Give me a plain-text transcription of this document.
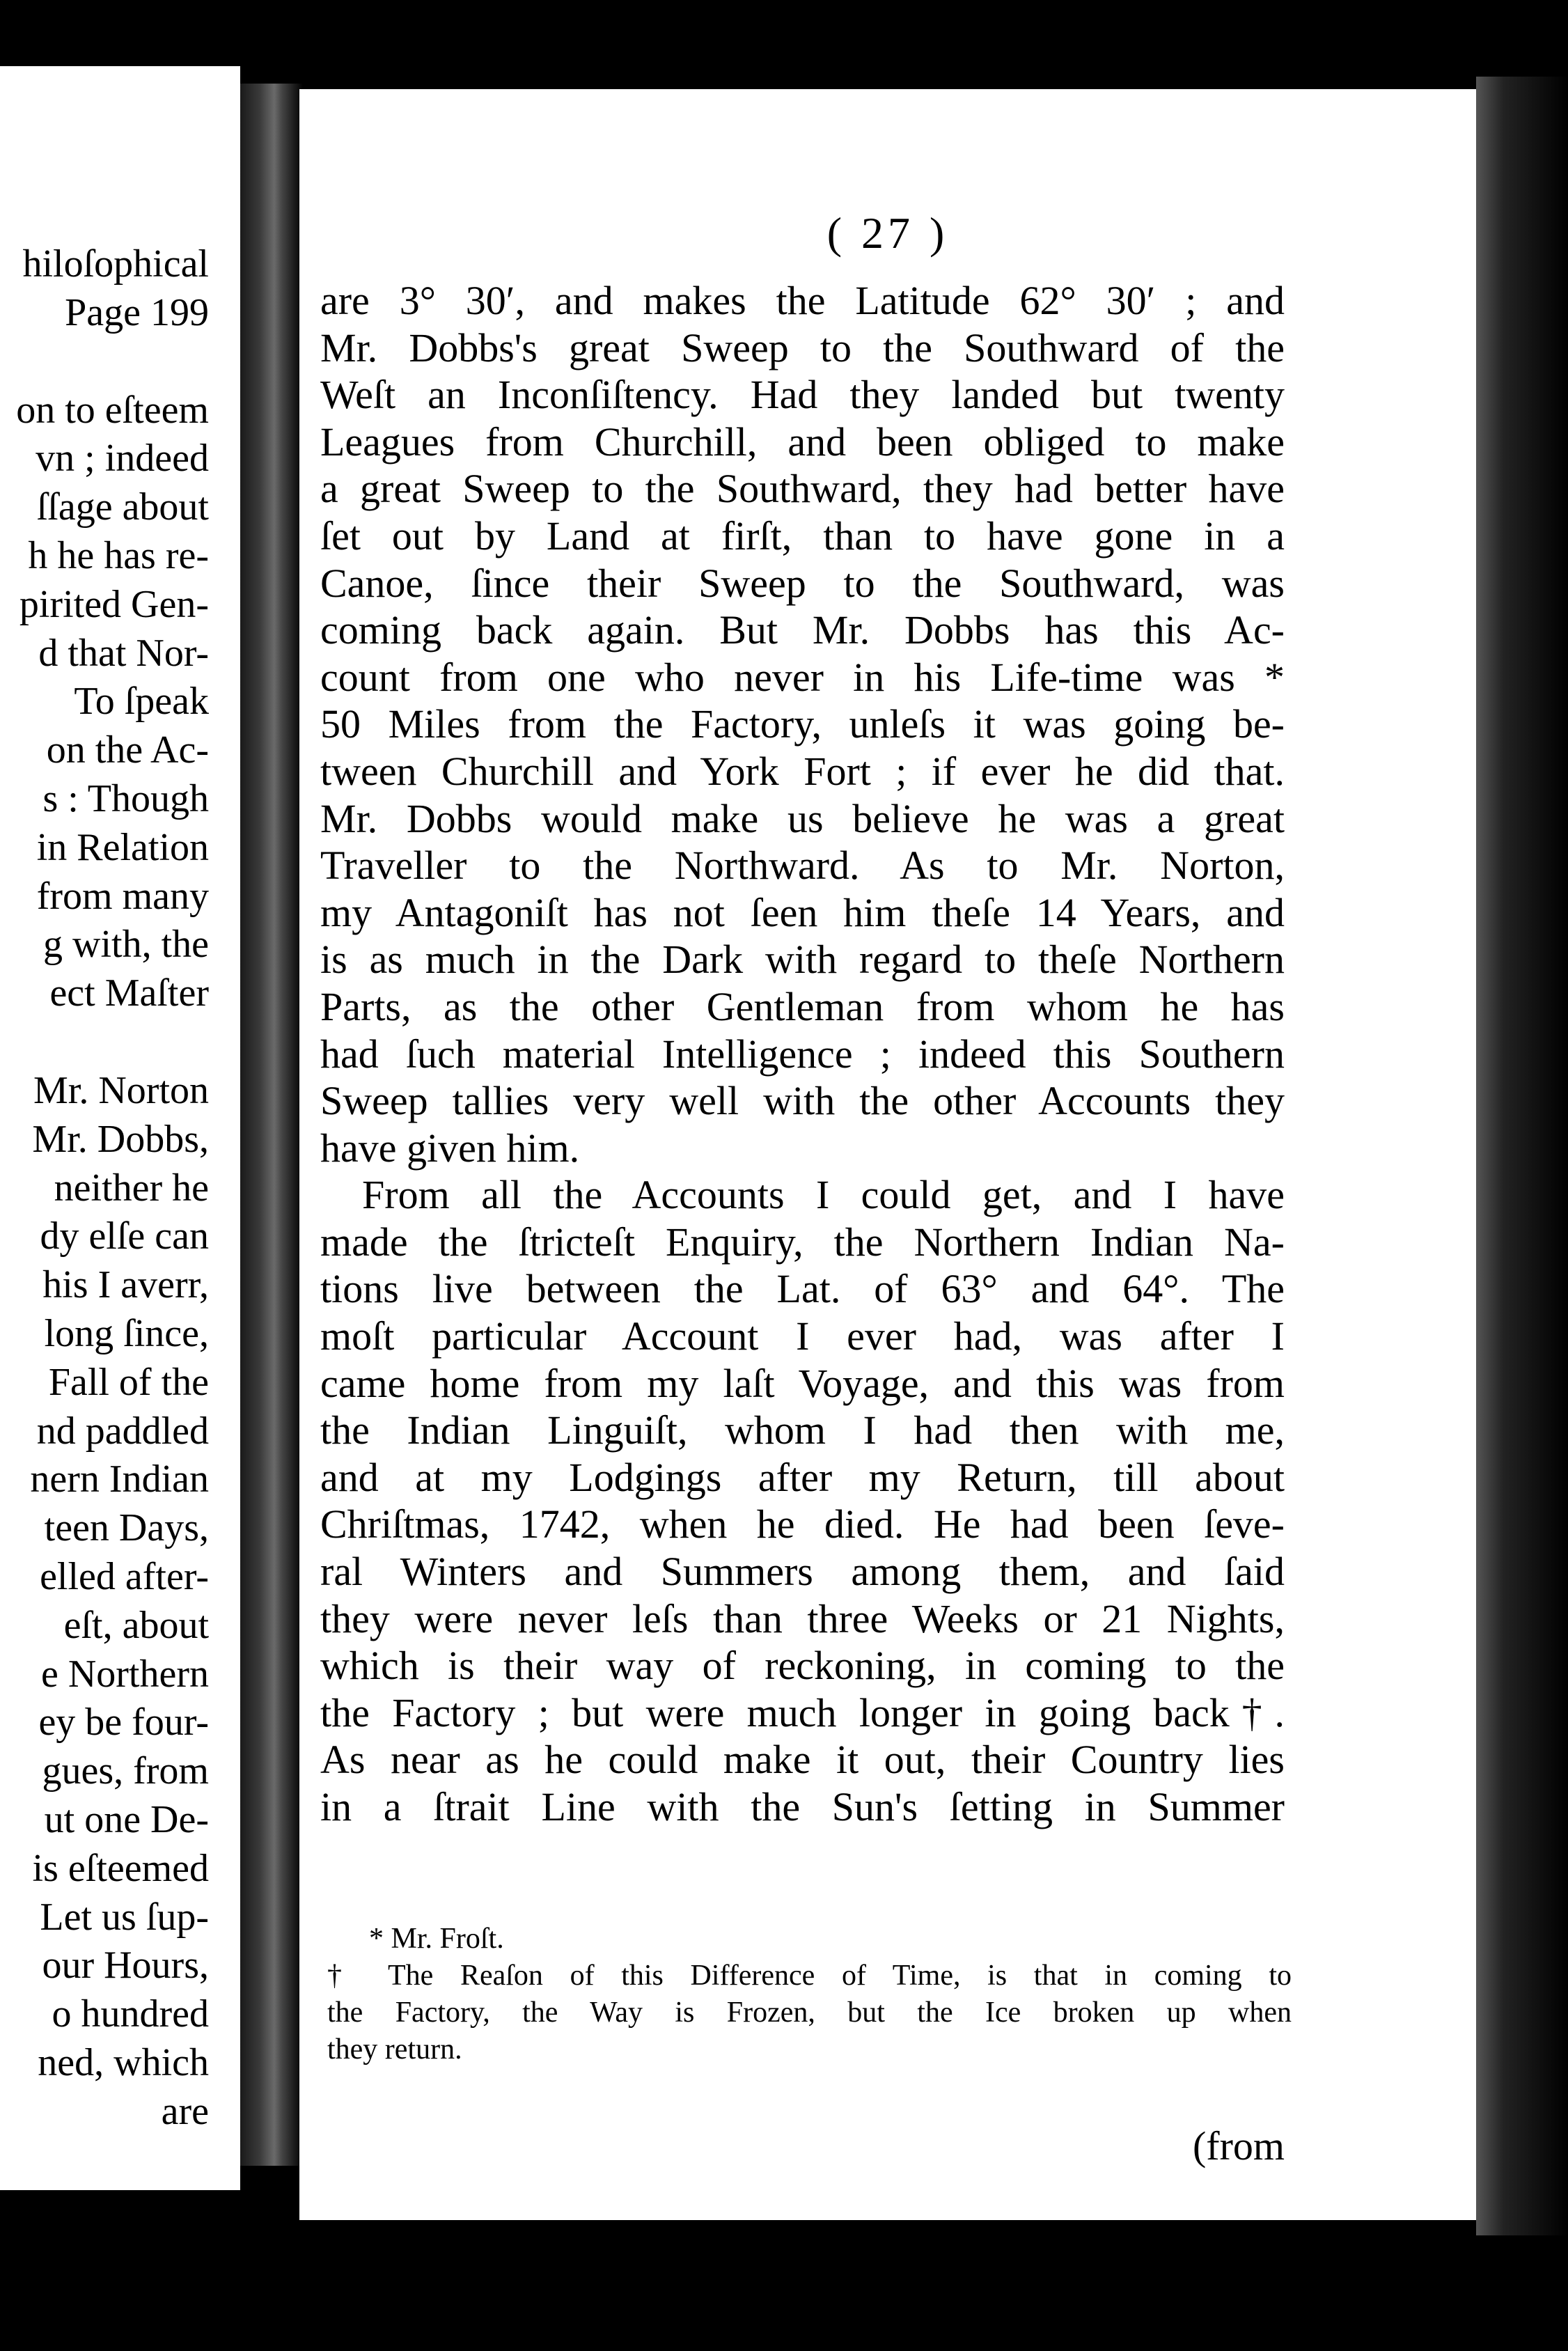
hiloſophical
Page 199
on to eſteem
vn ; indeed
ſſage about
h he has re-
pirited Gen-
d that Nor-
To ſpeak
on the Ac-
s : Though
in Relation
from many
g with, the
ect Maſter
Mr. Norton
Mr. Dobbs,
neither he
dy elſe can
his I averr,
long ſince,
Fall of the
nd paddled
nern Indian
teen Days,
elled after-
eſt, about
e Northern
ey be four-
gues, from
ut one De-
is eſteemed
Let us ſup-
our Hours,
o hundred
ned, which
are
( 27 )
are 3° 30′, and makes the Latitude 62° 30′ ; and
Mr. Dobbs's great Sweep to the Southward of the
Weſt an Inconſiſtency. Had they landed but twenty
Leagues from Churchill, and been obliged to make
a great Sweep to the Southward, they had better have
ſet out by Land at firſt, than to have gone in a
Canoe, ſince their Sweep to the Southward, was
coming back again. But Mr. Dobbs has this Ac-
count from one who never in his Life-time was *
50 Miles from the Factory, unleſs it was going be-
tween Churchill and York Fort ; if ever he did that.
Mr. Dobbs would make us believe he was a great
Traveller to the Northward. As to Mr. Norton,
my Antagoniſt has not ſeen him theſe 14 Years, and
is as much in the Dark with regard to theſe Northern
Parts, as the other Gentleman from whom he has
had ſuch material Intelligence ; indeed this Southern
Sweep tallies very well with the other Accounts they
have given him.
From all the Accounts I could get, and I have
made the ſtricteſt Enquiry, the Northern Indian Na-
tions live between the Lat. of 63° and 64°. The
moſt particular Account I ever had, was after I
came home from my laſt Voyage, and this was from
the Indian Linguiſt, whom I had then with me,
and at my Lodgings after my Return, till about
Chriſtmas, 1742, when he died. He had been ſeve-
ral Winters and Summers among them, and ſaid
they were never leſs than three Weeks or 21 Nights,
which is their way of reckoning, in coming to the
the Factory ; but were much longer in going back†.
As near as he could make it out, their Country lies
in a ſtrait Line with the Sun's ſetting in Summer
* Mr. Froſt.
† The Reaſon of this Difference of Time, is that in coming to
the Factory, the Way is Frozen, but the Ice broken up when
they return.
(from
